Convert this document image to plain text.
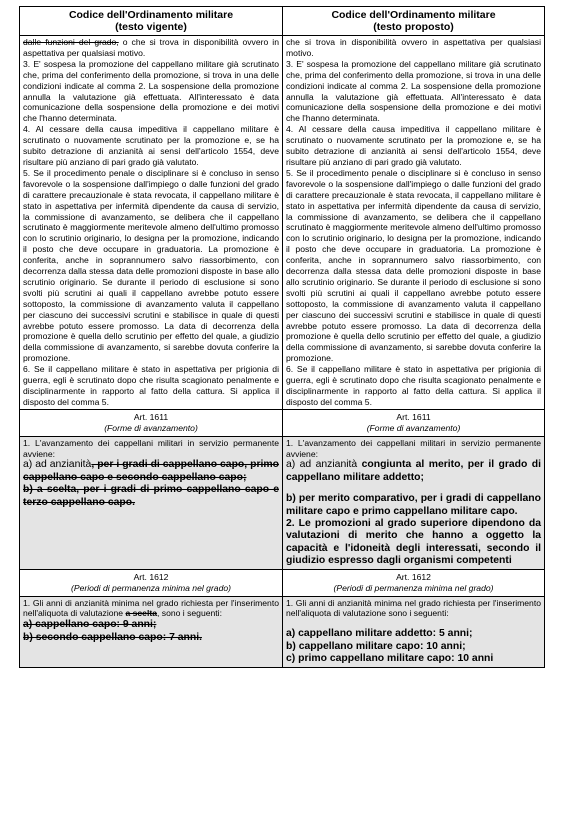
Codice dell'Ordinamento militare
(testo vigente)
Codice dell'Ordinamento militare
(testo proposto)

dalle funzioni del grado, o che si trova in disponibilità ovvero in aspettativa per qualsiasi motivo.

3. E' sospesa la promozione del cappellano militare già scrutinato che, prima del conferimento della promozione, si trova in una delle condizioni indicate al comma 2. La sospensione della promozione annulla la valutazione già effettuata. All'interessato è data comunicazione della sospensione della promozione e dei motivi che l'hanno determinata.

4. Al cessare della causa impeditiva il cappellano militare è scrutinato o nuovamente scrutinato per la promozione e, se ha subito detrazione di anzianità ai sensi dell'articolo 1554, deve risultare più anziano di pari grado già valutato.

5. Se il procedimento penale o disciplinare si è concluso in senso favorevole o la sospensione dall'impiego o dalle funzioni del grado di carattere precauzionale è stata revocata, il cappellano militare è stato in aspettativa per infermità dipendente da causa di servizio, la commissione di avanzamento, se delibera che il cappellano scrutinato è maggiormente meritevole almeno dell'ultimo promosso con lo scrutinio originario, lo designa per la promozione, indicando il posto che deve occupare in graduatoria. La promozione è conferita, anche in soprannumero salvo riassorbimento, con decorrenza dalla stessa data delle promozioni disposte in base allo scrutinio originario. Se durante il periodo di esclusione si sono svolti più scrutini ai quali il cappellano avrebbe potuto essere sottoposto, la commissione di avanzamento valuta il cappellano per ciascuno dei successivi scrutini e stabilisce in quale di questi avrebbe potuto essere promosso. La data di decorrenza della promozione è quella dello scrutinio per effetto del quale, a giudizio della commissione di avanzamento, si sarebbe dovuta conferire la promozione.

6. Se il cappellano militare è stato in aspettativa per prigionia di guerra, egli è scrutinato dopo che risulta scagionato penalmente e disciplinarmente in rapporto al fatto della cattura. Si applica il disposto del comma 5.

che si trova in disponibilità ovvero in aspettativa per qualsiasi motivo.

3. E' sospesa la promozione del cappellano militare già scrutinato che, prima del conferimento della promozione, si trova in una delle condizioni indicate al comma 2. La sospensione della promozione annulla la valutazione già effettuata. All'interessato è data comunicazione della sospensione della promozione e dei motivi che l'hanno determinata.

4. Al cessare della causa impeditiva il cappellano militare è scrutinato o nuovamente scrutinato per la promozione e, se ha subito detrazione di anzianità ai sensi dell'articolo 1554, deve risultare più anziano di pari grado già valutato.

5. Se il procedimento penale o disciplinare si è concluso in senso favorevole o la sospensione dall'impiego o dalle funzioni del grado di carattere precauzionale è stata revocata, il cappellano militare è stato in aspettativa per infermità dipendente da causa di servizio, la commissione di avanzamento, se delibera che il cappellano scrutinato è maggiormente meritevole almeno dell'ultimo promosso con lo scrutinio originario, lo designa per la promozione, indicando il posto che deve occupare in graduatoria. La promozione è conferita, anche in soprannumero salvo riassorbimento, con decorrenza dalla stessa data delle promozioni disposte in base allo scrutinio originario. Se durante il periodo di esclusione si sono svolti più scrutini ai quali il cappellano avrebbe potuto essere sottoposto, la commissione di avanzamento valuta il cappellano per ciascuno dei successivi scrutini e stabilisce in quale di questi avrebbe potuto essere promosso. La data di decorrenza della promozione è quella dello scrutinio per effetto del quale, a giudizio della commissione di avanzamento, si sarebbe dovuta conferire la promozione.

6. Se il cappellano militare è stato in aspettativa per prigionia di guerra, egli è scrutinato dopo che risulta scagionato penalmente e disciplinarmente in rapporto al fatto della cattura. Si applica il disposto del comma 5.

Art. 1611
(Forme di avanzamento)
Art. 1611
(Forme di avanzamento)

1. L'avanzamento dei cappellani militari in servizio permanente avviene:

a) ad anzianità, per i gradi di cappellano capo, primo cappellano capo e secondo cappellano capo;

b) a scelta, per i gradi di primo cappellano capo e terzo cappellano capo.

1. L'avanzamento dei cappellani militari in servizio permanente avviene:

a) ad anzianità congiunta al merito, per il grado di cappellano militare addetto;

b) per merito comparativo, per i gradi di cappellano militare capo e primo cappellano militare capo.

2. Le promozioni al grado superiore dipendono da valutazioni di merito che hanno a oggetto la capacità e l'idoneità degli interessati, secondo il giudizio espresso dagli organismi competenti

Art. 1612
(Periodi di permanenza minima nel grado)
Art. 1612
(Periodi di permanenza minima nel grado)

1. Gli anni di anzianità minima nel grado richiesta per l'inserimento nell'aliquota di valutazione a scelta, sono i seguenti:

a) cappellano capo: 9 anni;

b) secondo cappellano capo: 7 anni.

1. Gli anni di anzianità minima nel grado richiesta per l'inserimento nell'aliquota di valutazione sono i seguenti:

a) cappellano militare addetto: 5 anni;

b) cappellano militare capo: 10 anni;

c) primo cappellano militare capo: 10 anni
